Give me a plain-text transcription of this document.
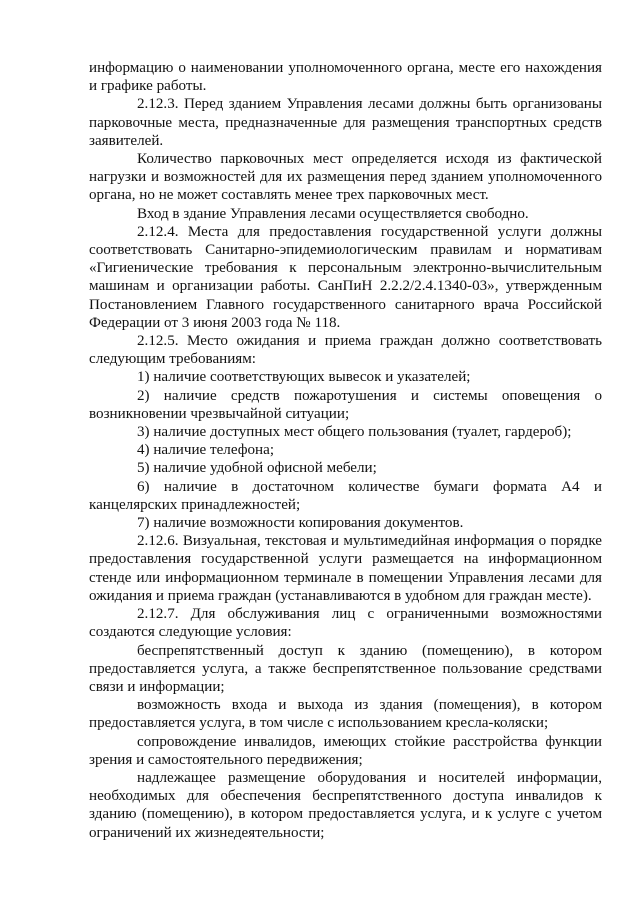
информацию о наименовании уполномоченного органа, месте его нахождения и графике работы.

2.12.3. Перед зданием Управления лесами должны быть организованы парковочные места, предназначенные для размещения транспортных средств заявителей.

Количество парковочных мест определяется исходя из фактической нагрузки и возможностей для их размещения перед зданием уполномоченного органа, но не может составлять менее трех парковочных мест.

Вход в здание Управления лесами осуществляется свободно.

2.12.4. Места для предоставления государственной услуги должны соответствовать Санитарно-эпидемиологическим правилам и нормативам «Гигиенические требования к персональным электронно-вычислительным машинам и организации работы. СанПиН 2.2.2/2.4.1340-03», утвержденным Постановлением Главного государственного санитарного врача Российской Федерации от 3 июня 2003 года № 118.

2.12.5. Место ожидания и приема граждан должно соответствовать следующим требованиям:

1) наличие соответствующих вывесок и указателей;

2) наличие средств пожаротушения и системы оповещения о возникновении чрезвычайной ситуации;

3) наличие доступных мест общего пользования (туалет, гардероб);

4) наличие телефона;

5) наличие удобной офисной мебели;

6) наличие в достаточном количестве бумаги формата А4 и канцелярских принадлежностей;

7) наличие возможности копирования документов.

2.12.6. Визуальная, текстовая и мультимедийная информация о порядке предоставления государственной услуги размещается на информационном стенде или информационном терминале в помещении Управления лесами для ожидания и приема граждан (устанавливаются в удобном для граждан месте).

2.12.7. Для обслуживания лиц с ограниченными возможностями создаются следующие условия:

беспрепятственный доступ к зданию (помещению), в котором предоставляется услуга, а также беспрепятственное пользование средствами связи и информации;

возможность входа и выхода из здания (помещения), в котором предоставляется услуга, в том числе с использованием кресла-коляски;

сопровождение инвалидов, имеющих стойкие расстройства функции зрения и самостоятельного передвижения;

надлежащее размещение оборудования и носителей информации, необходимых для обеспечения беспрепятственного доступа инвалидов к зданию (помещению), в котором предоставляется услуга, и к услуге с учетом ограничений их жизнедеятельности;
